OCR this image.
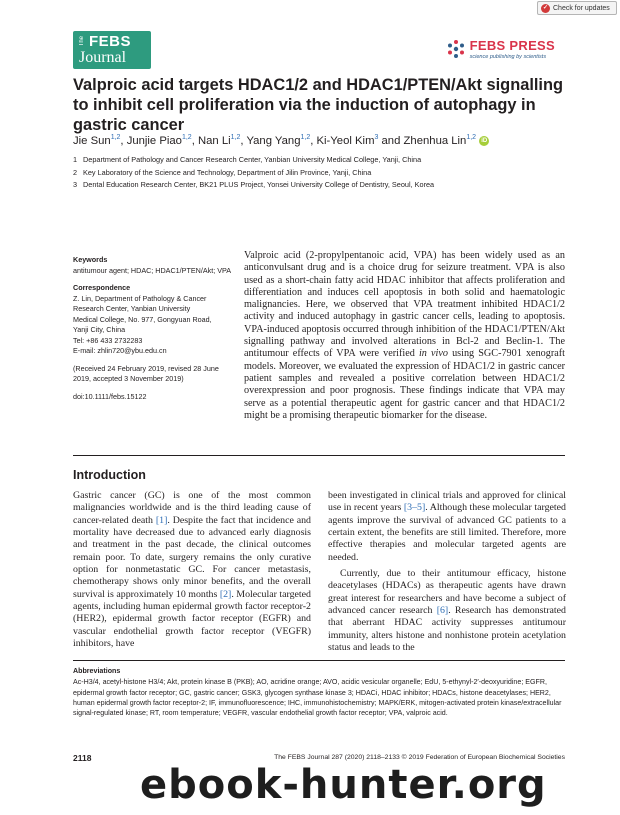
✓ Check for updates
The FEBS
Journal
FEBS PRESS
science publishing by scientists
Valproic acid targets HDAC1/2 and HDAC1/PTEN/Akt signalling to inhibit cell proliferation via the induction of autophagy in gastric cancer
Jie Sun$^{1,2}$, Junjie Piao$^{1,2}$, Nan Li$^{1,2}$, Yang Yang$^{1,2}$, Ki-Yeol Kim$^3$ and Zhenhua Lin$^{1,2}$ iD
1 Department of Pathology and Cancer Research Center, Yanbian University Medical College, Yanji, China
2 Key Laboratory of the Science and Technology, Department of Jilin Province, Yanji, China
3 Dental Education Research Center, BK21 PLUS Project, Yonsei University College of Dentistry, Seoul, Korea
Keywords
antitumour agent; HDAC; HDAC1/PTEN/Akt; VPA
Correspondence
Z. Lin, Department of Pathology & Cancer
Research Center, Yanbian University
Medical College, No. 977, Gongyuan Road,
Yanji City, China
Tel: +86 433 2732283
E-mail: zhlin720@ybu.edu.cn
(Received 24 February 2019, revised 28 June 2019, accepted 3 November 2019)
doi:10.1111/febs.15122
Valproic acid (2-propylpentanoic acid, VPA) has been widely used as an anticonvulsant drug and is a choice drug for seizure treatment. VPA is also used as a short-chain fatty acid HDAC inhibitor that affects proliferation and differentiation and induces cell apoptosis in both solid and haematologic malignancies. Here, we observed that VPA treatment inhibited HDAC1/2 activity and induced autophagy in gastric cancer cells, leading to apoptosis. VPA-induced apoptosis occurred through inhibition of the HDAC1/PTEN/Akt signalling pathway and involved alterations in Bcl-2 and Beclin-1. The antitumour effects of VPA were verified in vivo using SGC-7901 xenograft models. Moreover, we evaluated the expression of HDAC1/2 in gastric cancer patient samples and revealed a positive correlation between HDAC1/2 overexpression and poor prognosis. These findings indicate that VPA may serve as a potential therapeutic agent for gastric cancer and that HDAC1/2 might be a promising therapeutic biomarker for the disease.
Introduction

Gastric cancer (GC) is one of the most common malignancies worldwide and is the third leading cause of cancer-related death [1]. Despite the fact that incidence and mortality have decreased due to advanced early diagnosis and treatment in the past decade, the clinical outcomes remain poor. To date, surgery remains the only curative option for nonmetastatic GC. For cancer metastasis, chemotherapy shows only minor benefits, and the overall survival is approximately 10 months [2]. Molecular targeted agents, including human epidermal growth factor receptor-2 (HER2), epidermal growth factor receptor (EGFR) and vascular endothelial growth factor receptor (VEGFR) inhibitors, have

been investigated in clinical trials and approved for clinical use in recent years [3–5]. Although these molecular targeted agents improve the survival of advanced GC patients to a certain extent, the benefits are still limited. Therefore, more effective therapies and molecular targeted agents are needed.

Currently, due to their antitumour efficacy, histone deacetylases (HDACs) as therapeutic agents have drawn great interest for researchers and have become a subject of advanced cancer research [6]. Research has demonstrated that aberrant HDAC activity suppresses antitumour immunity, alters histone and nonhistone protein acetylation status and leads to the

Abbreviations
Ac-H3/4, acetyl-histone H3/4; Akt, protein kinase B (PKB); AO, acridine orange; AVO, acidic vesicular organelle; EdU, 5-ethynyl-2′-deoxyuridine; EGFR, epidermal growth factor receptor; GC, gastric cancer; GSK3, glycogen synthase kinase 3; HDACi, HDAC inhibitor; HDACs, histone deacetylases; HER2, human epidermal growth factor receptor-2; IF, immunofluorescence; IHC, immunohistochemistry; MAPK/ERK, mitogen-activated protein kinase/extracellular signal-regulated kinase; RT, room temperature; VEGFR, vascular endothelial growth factor receptor; VPA, valproic acid.
2118	The FEBS Journal 287 (2020) 2118–2133 © 2019 Federation of European Biochemical Societies
ebook-hunter.org
